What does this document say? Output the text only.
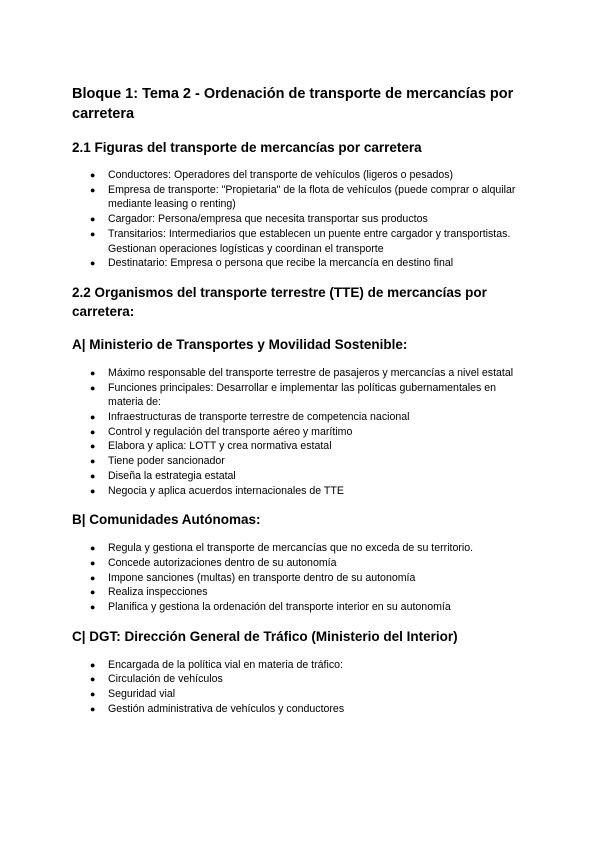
Bloque 1: Tema 2 - Ordenación de transporte de mercancías por carretera
2.1 Figuras del transporte de mercancías por carretera
● Conductores: Operadores del transporte de vehículos (ligeros o pesados)
● Empresa de transporte: "Propietaria" de la flota de vehículos (puede comprar o alquilar mediante leasing o renting)
● Cargador: Persona/empresa que necesita transportar sus productos
● Transitarios: Intermediarios que establecen un puente entre cargador y transportistas. Gestionan operaciones logísticas y coordinan el transporte
● Destinatario: Empresa o persona que recibe la mercancía en destino final
2.2 Organismos del transporte terrestre (TTE) de mercancías por carretera:
A| Ministerio de Transportes y Movilidad Sostenible:
● Máximo responsable del transporte terrestre de pasajeros y mercancías a nivel estatal
● Funciones principales: Desarrollar e implementar las políticas gubernamentales en materia de:
● Infraestructuras de transporte terrestre de competencia nacional
● Control y regulación del transporte aéreo y marítimo
● Elabora y aplica: LOTT y crea normativa estatal
● Tiene poder sancionador
● Diseña la estrategia estatal
● Negocia y aplica acuerdos internacionales de TTE
B| Comunidades Autónomas:
● Regula y gestiona el transporte de mercancías que no exceda de su territorio.
● Concede autorizaciones dentro de su autonomía
● Impone sanciones (multas) en transporte dentro de su autonomía
● Realiza inspecciones
● Planifica y gestiona la ordenación del transporte interior en su autonomía
C| DGT: Dirección General de Tráfico (Ministerio del Interior)
● Encargada de la política vial en materia de tráfico:
● Circulación de vehículos
● Seguridad vial
● Gestión administrativa de vehículos y conductores
